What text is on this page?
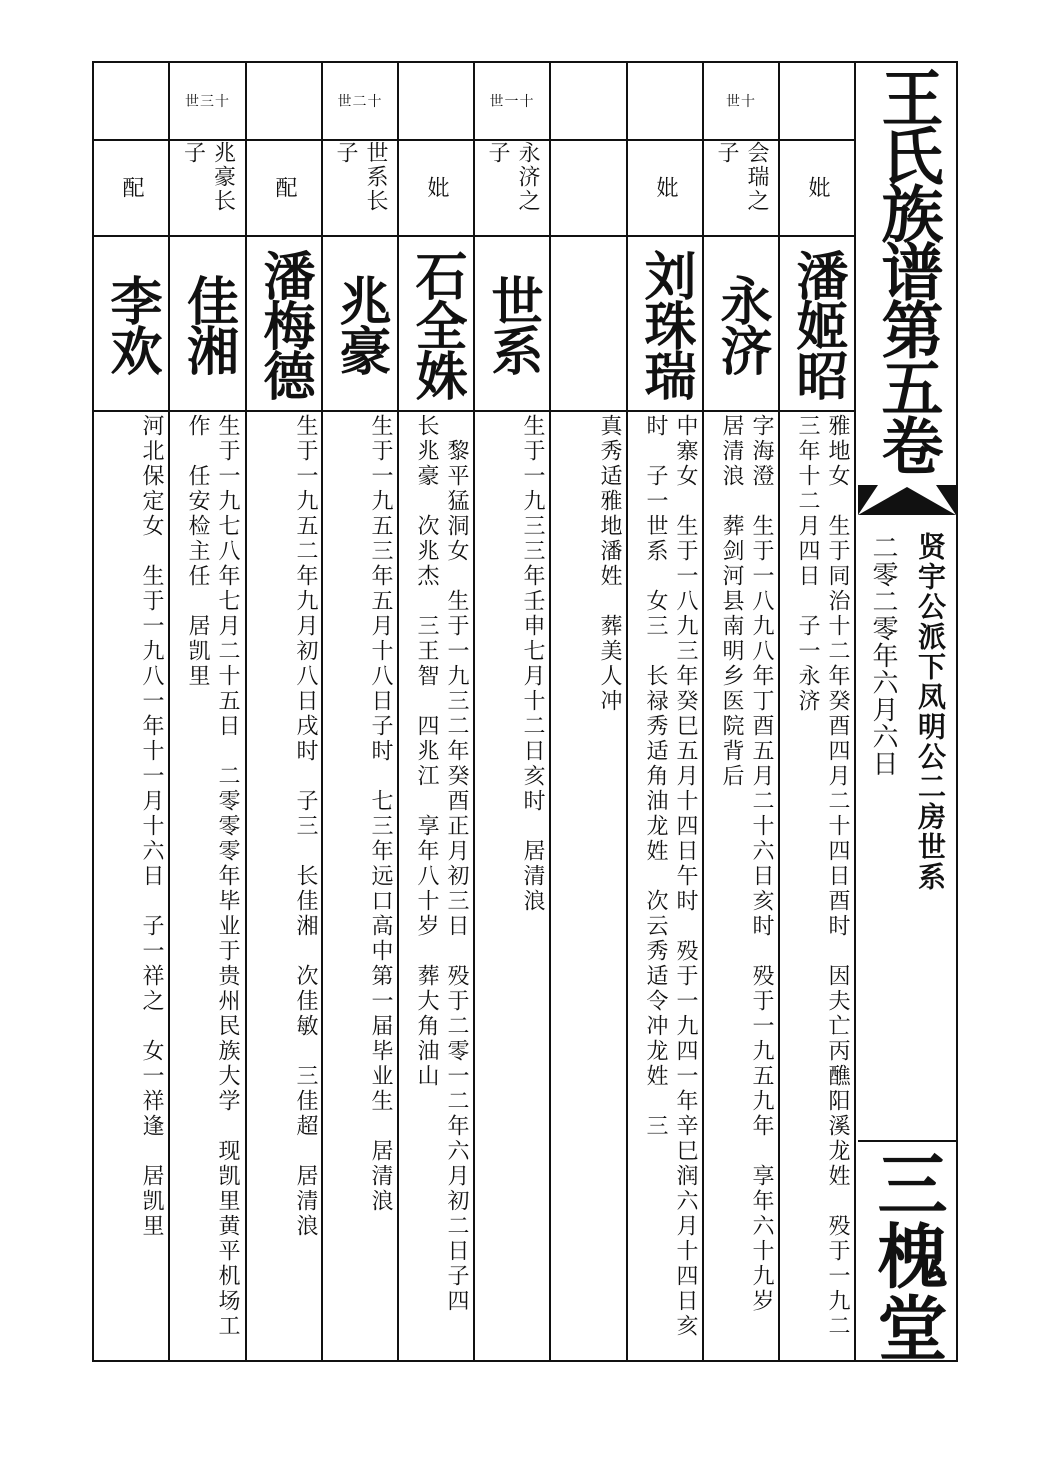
妣
潘姬昭
雅地女　生于同治十二年癸酉四月二十四日酉时　因夫亡丙醮阳溪龙姓　殁于一九二三年十二月四日　子一永济
世十
会瑞之子
永济
字海澄　生于一八九八年丁酉五月二十六日亥时　殁于一九五九年　享年六十九岁　居清浪　葬剑河县南明乡医院背后
妣
刘珠瑞
中寨女　生于一八九三年癸巳五月十四日午时　殁于一九四一年辛巳润六月十四日亥时　子一世系　女三　长禄秀适角油龙姓　次云秀适令冲龙姓　三
真秀适雅地潘姓　葬美人冲
世一十
永济之子
世系
生于一九三三年壬申七月十二日亥时　居清浪
妣
石全姝
　黎平猛洞女　生于一九三二年癸酉正月初三日　殁于二零一二年六月初二日子四　长兆豪　次兆杰　三王智　四兆江　享年八十岁　葬大角油山
世二十
世系长子
兆豪
生于一九五三年五月十八日子时　七三年远口高中第一届毕业生　居清浪
配
潘梅德
生于一九五二年九月初八日戌时　子三　长佳湘　次佳敏　三佳超　居清浪
世三十
兆豪长子
佳湘
生于一九七八年七月二十五日　二零零零年毕业于贵州民族大学　现凯里黄平机场工作　任安检主任　居凯里
配
李欢
河北保定女　生于一九八一年十一月十六日　子一祥之　女一祥逢　居凯里
王氏族谱第五卷
贤宇公派下凤明公二房世系
二零二零年六月六日
三槐堂
